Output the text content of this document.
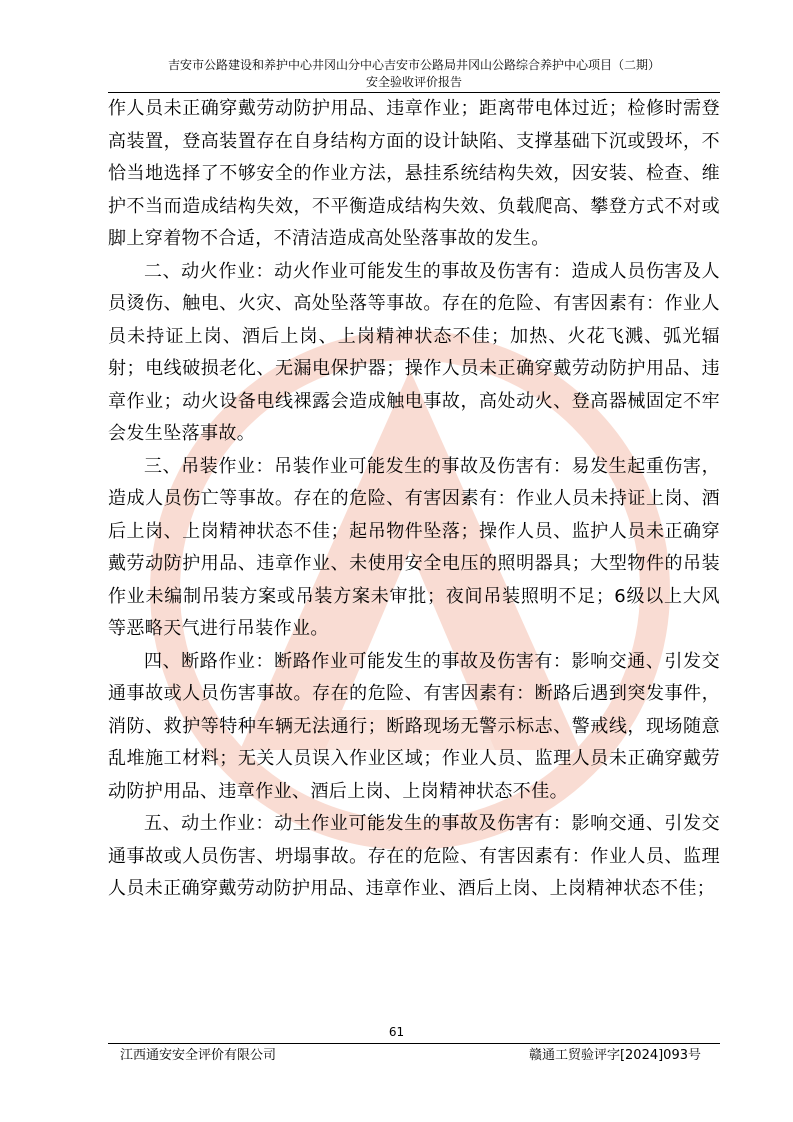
吉安市公路建设和养护中心井冈山分中心吉安市公路局井冈山公路综合养护中心项目（二期）
安全验收评价报告

作人员未正确穿戴劳动防护用品、违章作业；距离带电体过近；检修时需登高装置，登高装置存在自身结构方面的设计缺陷、支撑基础下沉或毁坏，不恰当地选择了不够安全的作业方法，悬挂系统结构失效，因安装、检查、维护不当而造成结构失效，不平衡造成结构失效、负载爬高、攀登方式不对或脚上穿着物不合适，不清洁造成高处坠落事故的发生。

二、动火作业：动火作业可能发生的事故及伤害有：造成人员伤害及人员烫伤、触电、火灾、高处坠落等事故。存在的危险、有害因素有：作业人员未持证上岗、酒后上岗、上岗精神状态不佳；加热、火花飞溅、弧光辐射；电线破损老化、无漏电保护器；操作人员未正确穿戴劳动防护用品、违章作业；动火设备电线裸露会造成触电事故，高处动火、登高器械固定不牢会发生坠落事故。

三、吊装作业：吊装作业可能发生的事故及伤害有：易发生起重伤害，造成人员伤亡等事故。存在的危险、有害因素有：作业人员未持证上岗、酒后上岗、上岗精神状态不佳；起吊物件坠落；操作人员、监护人员未正确穿戴劳动防护用品、违章作业、未使用安全电压的照明器具；大型物件的吊装作业未编制吊装方案或吊装方案未审批；夜间吊装照明不足；6级以上大风等恶略天气进行吊装作业。

四、断路作业：断路作业可能发生的事故及伤害有：影响交通、引发交通事故或人员伤害事故。存在的危险、有害因素有：断路后遇到突发事件，消防、救护等特种车辆无法通行；断路现场无警示标志、警戒线，现场随意乱堆施工材料；无关人员误入作业区域；作业人员、监理人员未正确穿戴劳动防护用品、违章作业、酒后上岗、上岗精神状态不佳。

五、动土作业：动土作业可能发生的事故及伤害有：影响交通、引发交通事故或人员伤害、坍塌事故。存在的危险、有害因素有：作业人员、监理人员未正确穿戴劳动防护用品、违章作业、酒后上岗、上岗精神状态不佳；

61
江西通安安全评价有限公司	赣通工贸验评字[2024]093号
